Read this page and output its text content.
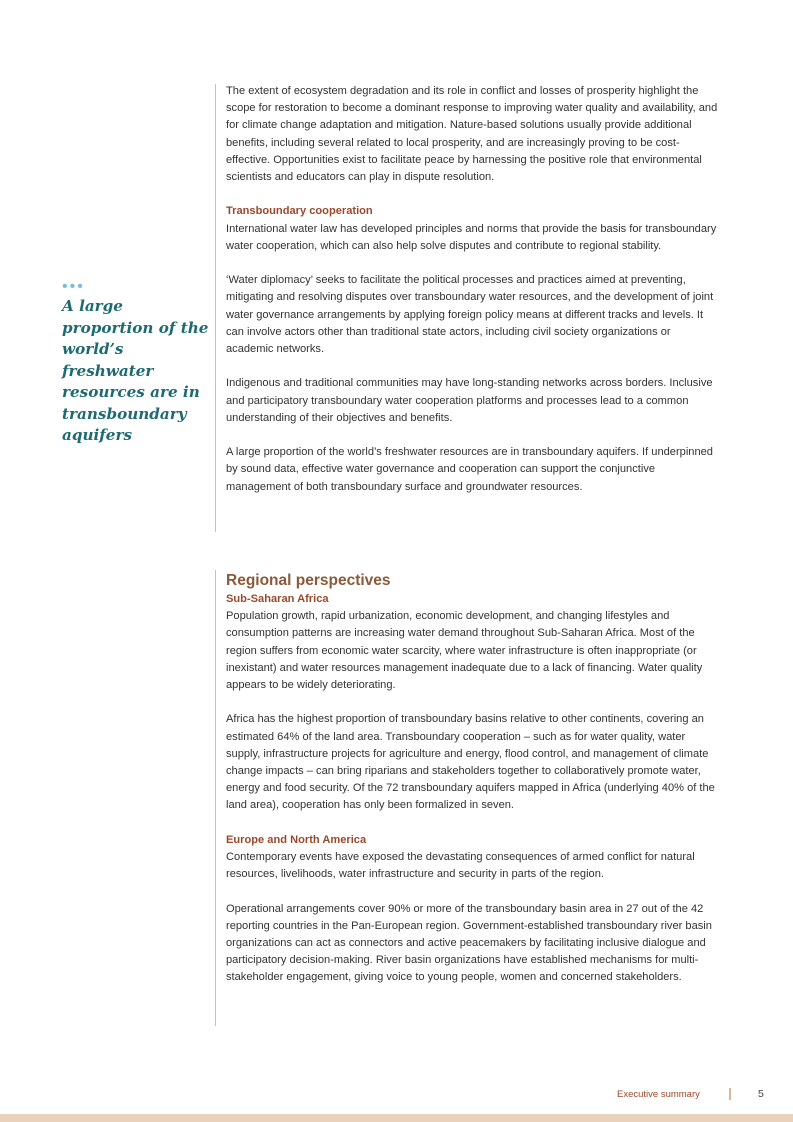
•••
A large proportion of the world’s freshwater resources are in transboundary aquifers

The extent of ecosystem degradation and its role in conflict and losses of prosperity highlight the scope for restoration to become a dominant response to improving water quality and availability, and for climate change adaptation and mitigation. Nature-based solutions usually provide additional benefits, including several related to local prosperity, and are increasingly proving to be cost-effective. Opportunities exist to facilitate peace by harnessing the positive role that environmental scientists and educators can play in dispute resolution.

Transboundary cooperation

International water law has developed principles and norms that provide the basis for transboundary water cooperation, which can also help solve disputes and contribute to regional stability.

‘Water diplomacy’ seeks to facilitate the political processes and practices aimed at preventing, mitigating and resolving disputes over transboundary water resources, and the development of joint water governance arrangements by applying foreign policy means at different tracks and levels. It can involve actors other than traditional state actors, including civil society organizations or academic networks.

Indigenous and traditional communities may have long-standing networks across borders. Inclusive and participatory transboundary water cooperation platforms and processes lead to a common understanding of their objectives and benefits.

A large proportion of the world’s freshwater resources are in transboundary aquifers. If underpinned by sound data, effective water governance and cooperation can support the conjunctive management of both transboundary surface and groundwater resources.

Regional perspectives

Sub-Saharan Africa

Population growth, rapid urbanization, economic development, and changing lifestyles and consumption patterns are increasing water demand throughout Sub-Saharan Africa. Most of the region suffers from economic water scarcity, where water infrastructure is often inappropriate (or inexistant) and water resources management inadequate due to a lack of financing. Water quality appears to be widely deteriorating.

Africa has the highest proportion of transboundary basins relative to other continents, covering an estimated 64% of the land area. Transboundary cooperation – such as for water quality, water supply, infrastructure projects for agriculture and energy, flood control, and management of climate change impacts – can bring riparians and stakeholders together to collaboratively promote water, energy and food security. Of the 72 transboundary aquifers mapped in Africa (underlying 40% of the land area), cooperation has only been formalized in seven.

Europe and North America

Contemporary events have exposed the devastating consequences of armed conflict for natural resources, livelihoods, water infrastructure and security in parts of the region.

Operational arrangements cover 90% or more of the transboundary basin area in 27 out of the 42 reporting countries in the Pan-European region. Government-established transboundary river basin organizations can act as connectors and active peacemakers by facilitating inclusive dialogue and participatory decision-making. River basin organizations have established mechanisms for multi-stakeholder engagement, giving voice to young people, women and concerned stakeholders.

Executive summary	5
